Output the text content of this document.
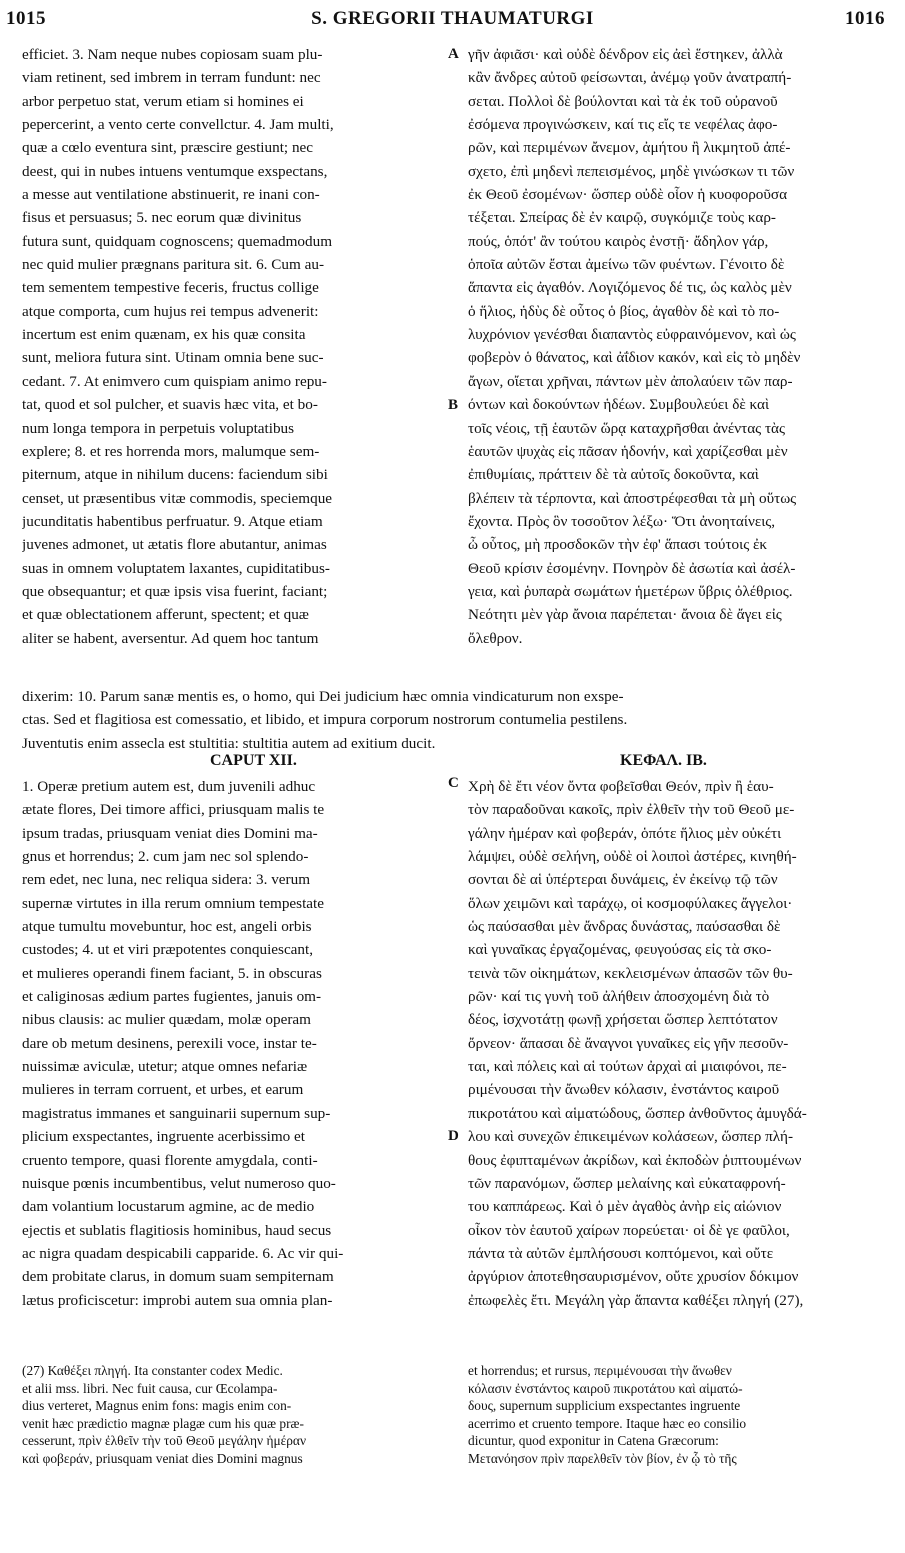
1015	S. GREGORII THAUMATURGI	1016
efficiet. 3. Nam neque nubes copiosam suam plu-
viam retinent, sed imbrem in terram fundunt: nec
arbor perpetuo stat, verum etiam si homines ei
pepercerint, a vento certe convellctur. 4. Jam multi,
quæ a cœlo eventura sint, præscire gestiunt; nec
deest, qui in nubes intuens ventumque exspectans,
a messe aut ventilatione abstinuerit, re inani con-
fisus et persuasus; 5. nec eorum quæ divinitus
futura sunt, quidquam cognoscens; quemadmodum
nec quid mulier prægnans paritura sit. 6. Cum au-
tem sementem tempestive feceris, fructus collige
atque comporta, cum hujus rei tempus advenerit:
incertum est enim quænam, ex his quæ consita
sunt, meliora futura sint. Utinam omnia bene suc-
cedant. 7. At enimvero cum quispiam animo repu-
tat, quod et sol pulcher, et suavis hæc vita, et bo-
num longa tempora in perpetuis voluptatibus
explere; 8. et res horrenda mors, malumque sem-
piternum, atque in nihilum ducens: faciendum sibi
censet, ut præsentibus vitæ commodis, speciemque
jucunditatis habentibus perfruatur. 9. Atque etiam
juvenes admonet, ut ætatis flore abutantur, animas
suas in omnem voluptatem laxantes, cupiditatibus-
que obsequantur; et quæ ipsis visa fuerint, faciant;
et quæ oblectationem afferunt, spectent; et quæ
aliter se habent, aversentur. Ad quem hoc tantum
γῆν ἀφιᾶσι· καὶ οὐδὲ δένδρον εἰς ἀεὶ ἕστηκεν, ἀλλὰ
κἂν ἄνδρες αὐτοῦ φείσωνται, ἀνέμῳ γοῦν ἀνατραπή-
σεται. Πολλοὶ δὲ βούλονται καὶ τὰ ἐκ τοῦ οὐρανοῦ
ἐσόμενα προγινώσκειν, καί τις εἴς τε νεφέλας ἀφο-
ρῶν, καὶ περιμένων ἄνεμον, ἀμήτου ἢ λικμητοῦ ἀπέ-
σχετο, ἐπὶ μηδενὶ πεπεισμένος, μηδὲ γινώσκων τι τῶν
ἐκ Θεοῦ ἐσομένων· ὥσπερ οὐδὲ οἷον ἡ κυοφοροῦσα
τέξεται. Σπείρας δὲ ἐν καιρῷ, συγκόμιζε τοὺς καρ-
πούς, ὁπότ' ἂν τούτου καιρὸς ἐνστῇ· ἄδηλον γάρ,
ὁποῖα αὐτῶν ἔσται ἀμείνω τῶν φυέντων. Γένοιτο δὲ
ἅπαντα εἰς ἀγαθόν. Λογιζόμενος δέ τις, ὡς καλὸς μὲν
ὁ ἥλιος, ἡδὺς δὲ οὗτος ὁ βίος, ἀγαθὸν δὲ καὶ τὸ πο-
λυχρόνιον γενέσθαι διαπαντὸς εὐφραινόμενον, καὶ ὡς
φοβερὸν ὁ θάνατος, καὶ ἀΐδιον κακόν, καὶ εἰς τὸ μηδὲν
ἄγων, οἴεται χρῆναι, πάντων μὲν ἀπολαύειν τῶν παρ-
όντων καὶ δοκούντων ἡδέων. Συμβουλεύει δὲ καὶ
τοῖς νέοις, τῇ ἑαυτῶν ὥρᾳ καταχρῆσθαι ἀνέντας τὰς
ἑαυτῶν ψυχὰς εἰς πᾶσαν ἡδονήν, καὶ χαρίζεσθαι μὲν
ἐπιθυμίαις, πράττειν δὲ τὰ αὐτοῖς δοκοῦντα, καὶ
βλέπειν τὰ τέρποντα, καὶ ἀποστρέφεσθαι τὰ μὴ οὕτως
ἔχοντα. Πρὸς ὃν τοσοῦτον λέξω· Ὅτι ἀνοηταίνεις,
ὦ οὗτος, μὴ προσδοκῶν τὴν ἐφ' ἅπασι τούτοις ἐκ
Θεοῦ κρίσιν ἐσομένην. Πονηρὸν δὲ ἀσωτία καὶ ἀσέλ-
γεια, καὶ ῥυπαρὰ σωμάτων ἡμετέρων ὕβρις ὀλέθριος.
Νεότητι μὲν γὰρ ἄνοια παρέπεται· ἄνοια δὲ ἄγει εἰς
ὄλεθρον.
A
B
C
D
dixerim: 10. Parum sanæ mentis es, o homo, qui Dei judicium hæc omnia vindicaturum non exspe-
ctas. Sed et flagitiosa est comessatio, et libido, et impura corporum nostrorum contumelia pestilens.
Juventutis enim assecla est stultitia: stultitia autem ad exitium ducit.
CAPUT XII.	ΚΕΦΑΛ. ΙΒ.
1. Operæ pretium autem est, dum juvenili adhuc
ætate flores, Dei timore affici, priusquam malis te
ipsum tradas, priusquam veniat dies Domini ma-
gnus et horrendus; 2. cum jam nec sol splendo-
rem edet, nec luna, nec reliqua sidera: 3. verum
supernæ virtutes in illa rerum omnium tempestate
atque tumultu movebuntur, hoc est, angeli orbis
custodes; 4. ut et viri præpotentes conquiescant,
et mulieres operandi finem faciant, 5. in obscuras
et caliginosas ædium partes fugientes, januis om-
nibus clausis: ac mulier quædam, molæ operam
dare ob metum desinens, perexili voce, instar te-
nuissimæ aviculæ, utetur; atque omnes nefariæ
mulieres in terram corruent, et urbes, et earum
magistratus immanes et sanguinarii supernum sup-
plicium exspectantes, ingruente acerbissimo et
cruento tempore, quasi florente amygdala, conti-
nuisque pœnis incumbentibus, velut numeroso quo-
dam volantium locustarum agmine, ac de medio
ejectis et sublatis flagitiosis hominibus, haud secus
ac nigra quadam despicabili capparide. 6. Ac vir qui-
dem probitate clarus, in domum suam sempiternam
lætus proficiscetur: improbi autem sua omnia plan-
Χρὴ δὲ ἔτι νέον ὄντα φοβεῖσθαι Θεόν, πρὶν ἢ ἑαυ-
τὸν παραδοῦναι κακοῖς, πρὶν ἐλθεῖν τὴν τοῦ Θεοῦ με-
γάλην ἡμέραν καὶ φοβεράν, ὁπότε ἥλιος μὲν οὐκέτι
λάμψει, οὐδὲ σελήνη, οὐδὲ οἱ λοιποὶ ἀστέρες, κινηθή-
σονται δὲ αἱ ὑπέρτεραι δυνάμεις, ἐν ἐκείνῳ τῷ τῶν
ὅλων χειμῶνι καὶ ταράχῳ, οἱ κοσμοφύλακες ἄγγελοι·
ὡς παύσασθαι μὲν ἄνδρας δυνάστας, παύσασθαι δὲ
καὶ γυναῖκας ἐργαζομένας, φευγούσας εἰς τὰ σκο-
τεινὰ τῶν οἰκημάτων, κεκλεισμένων ἁπασῶν τῶν θυ-
ρῶν· καί τις γυνὴ τοῦ ἀλήθειν ἀποσχομένη διὰ τὸ
δέος, ἰσχνοτάτῃ φωνῇ χρήσεται ὥσπερ λεπτότατον
ὄρνεον· ἅπασαι δὲ ἄναγνοι γυναῖκες εἰς γῆν πεσοῦν-
ται, καὶ πόλεις καὶ αἱ τούτων ἀρχαὶ αἱ μιαιφόνοι, πε-
ριμένουσαι τὴν ἄνωθεν κόλασιν, ἐνστάντος καιροῦ
πικροτάτου καὶ αἱματώδους, ὥσπερ ἀνθοῦντος ἀμυγδά-
λου καὶ συνεχῶν ἐπικειμένων κολάσεων, ὥσπερ πλή-
θους ἐφιπταμένων ἀκρίδων, καὶ ἐκποδὼν ῥιπτουμένων
τῶν παρανόμων, ὥσπερ μελαίνης καὶ εὐκαταφρονή-
του καππάρεως. Καὶ ὁ μὲν ἀγαθὸς ἀνὴρ εἰς αἰώνιον
οἶκον τὸν ἑαυτοῦ χαίρων πορεύεται· οἱ δὲ γε φαῦλοι,
πάντα τὰ αὐτῶν ἐμπλήσουσι κοπτόμενοι, καὶ οὔτε
ἀργύριον ἀποτεθησαυρισμένον, οὔτε χρυσίον δόκιμον
ἐπωφελὲς ἔτι. Μεγάλη γὰρ ἅπαντα καθέξει πληγή (27),
(27) Καθέξει πληγή. Ita constanter codex Medic.
et alii mss. libri. Nec fuit causa, cur Œcolampa-
dius verteret, Magnus enim fons: magis enim con-
venit hæc prædictio magnæ plagæ cum his quæ præ-
cesserunt, πρὶν ἐλθεῖν τὴν τοῦ Θεοῦ μεγάλην ἡμέραν
καὶ φοβεράν, priusquam veniat dies Domini magnus
et horrendus; et rursus, περιμένουσαι τὴν ἄνωθεν
κόλασιν ἐνστάντος καιροῦ πικροτάτου καὶ αἱματώ-
δους, supernum supplicium exspectantes ingruente
acerrimo et cruento tempore. Itaque hæc eo consilio
dicuntur, quod exponitur in Catena Græcorum:
Μετανόησον πρὶν παρελθεῖν τὸν βίον, ἐν ᾧ τὸ τῆς
